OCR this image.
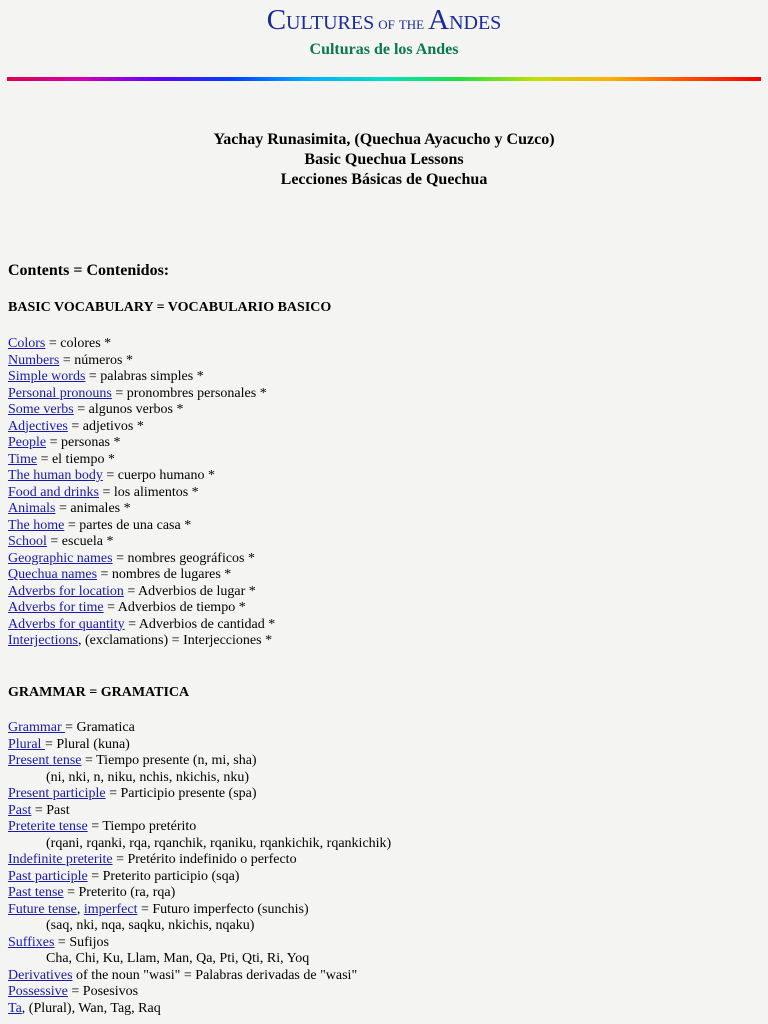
CULTURES OF THE ANDES
Culturas de los Andes
Yachay Runasimita, (Quechua Ayacucho y Cuzco)
Basic Quechua Lessons
Lecciones Básicas de Quechua
Contents = Contenidos:
BASIC VOCABULARY = VOCABULARIO BASICO
Colors = colores *
Numbers = números *
Simple words = palabras simples *
Personal pronouns = pronombres personales *
Some verbs = algunos verbos *
Adjectives = adjetivos *
People = personas *
Time = el tiempo *
The human body = cuerpo humano *
Food and drinks = los alimentos *
Animals = animales *
The home = partes de una casa *
School = escuela *
Geographic names = nombres geográficos *
Quechua names = nombres de lugares *
Adverbs for location = Adverbios de lugar *
Adverbs for time = Adverbios de tiempo *
Adverbs for quantity = Adverbios de cantidad *
Interjections, (exclamations) = Interjecciones *
GRAMMAR = GRAMATICA
Grammar = Gramatica
Plural = Plural (kuna)
Present tense = Tiempo presente (n, mi, sha)
(ni, nki, n, niku, nchis, nkichis, nku)
Present participle = Participio presente (spa)
Past = Past
Preterite tense = Tiempo pretérito
(rqani, rqanki, rqa, rqanchik, rqaniku, rqankichik, rqankichik)
Indefinite preterite = Pretérito indefinido o perfecto
Past participle = Preterito participio (sqa)
Past tense = Preterito (ra, rqa)
Future tense, imperfect = Futuro imperfecto (sunchis)
(saq, nki, nqa, saqku, nkichis, nqaku)
Suffixes = Sufijos
Cha, Chi, Ku, Llam, Man, Qa, Pti, Qti, Ri, Yoq
Derivatives of the noun "wasi" = Palabras derivadas de "wasi"
Possessive = Posesivos
Ta, (Plural), Wan, Tag, Raq
